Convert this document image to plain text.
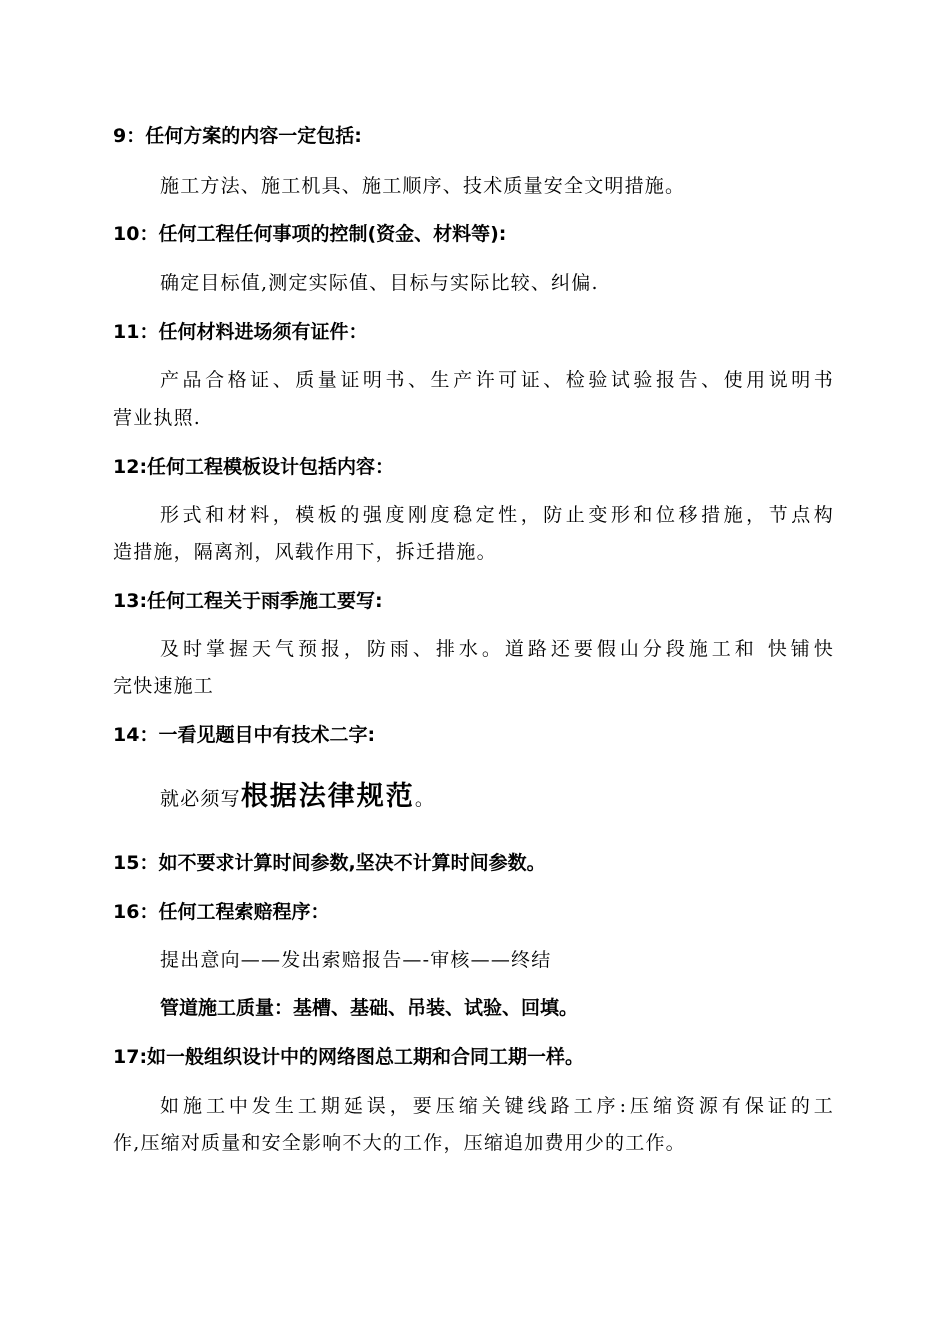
9：任何方案的内容一定包括:
施工方法、施工机具、施工顺序、技术质量安全文明措施。
10：任何工程任何事项的控制(资金、材料等):
确定目标值,测定实际值、目标与实际比较、纠偏.
11：任何材料进场须有证件：
产品合格证、质量证明书、生产许可证、检验试验报告、使用说明书
营业执照.
12:任何工程模板设计包括内容：
形式和材料，模板的强度刚度稳定性，防止变形和位移措施，节点构
造措施，隔离剂，风载作用下，拆迁措施。
13:任何工程关于雨季施工要写:
及时掌握天气预报，防雨、排水。道路还要假山分段施工和 快铺快
完快速施工
14：一看见题目中有技术二字:
就必须写根据法律规范。
15：如不要求计算时间参数,坚决不计算时间参数。
16：任何工程索赔程序：
提出意向——发出索赔报告—-审核——终结
管道施工质量：基槽、基础、吊装、试验、回填。
17:如一般组织设计中的网络图总工期和合同工期一样。
如施工中发生工期延误，要压缩关键线路工序:压缩资源有保证的工
作,压缩对质量和安全影响不大的工作，压缩追加费用少的工作。
